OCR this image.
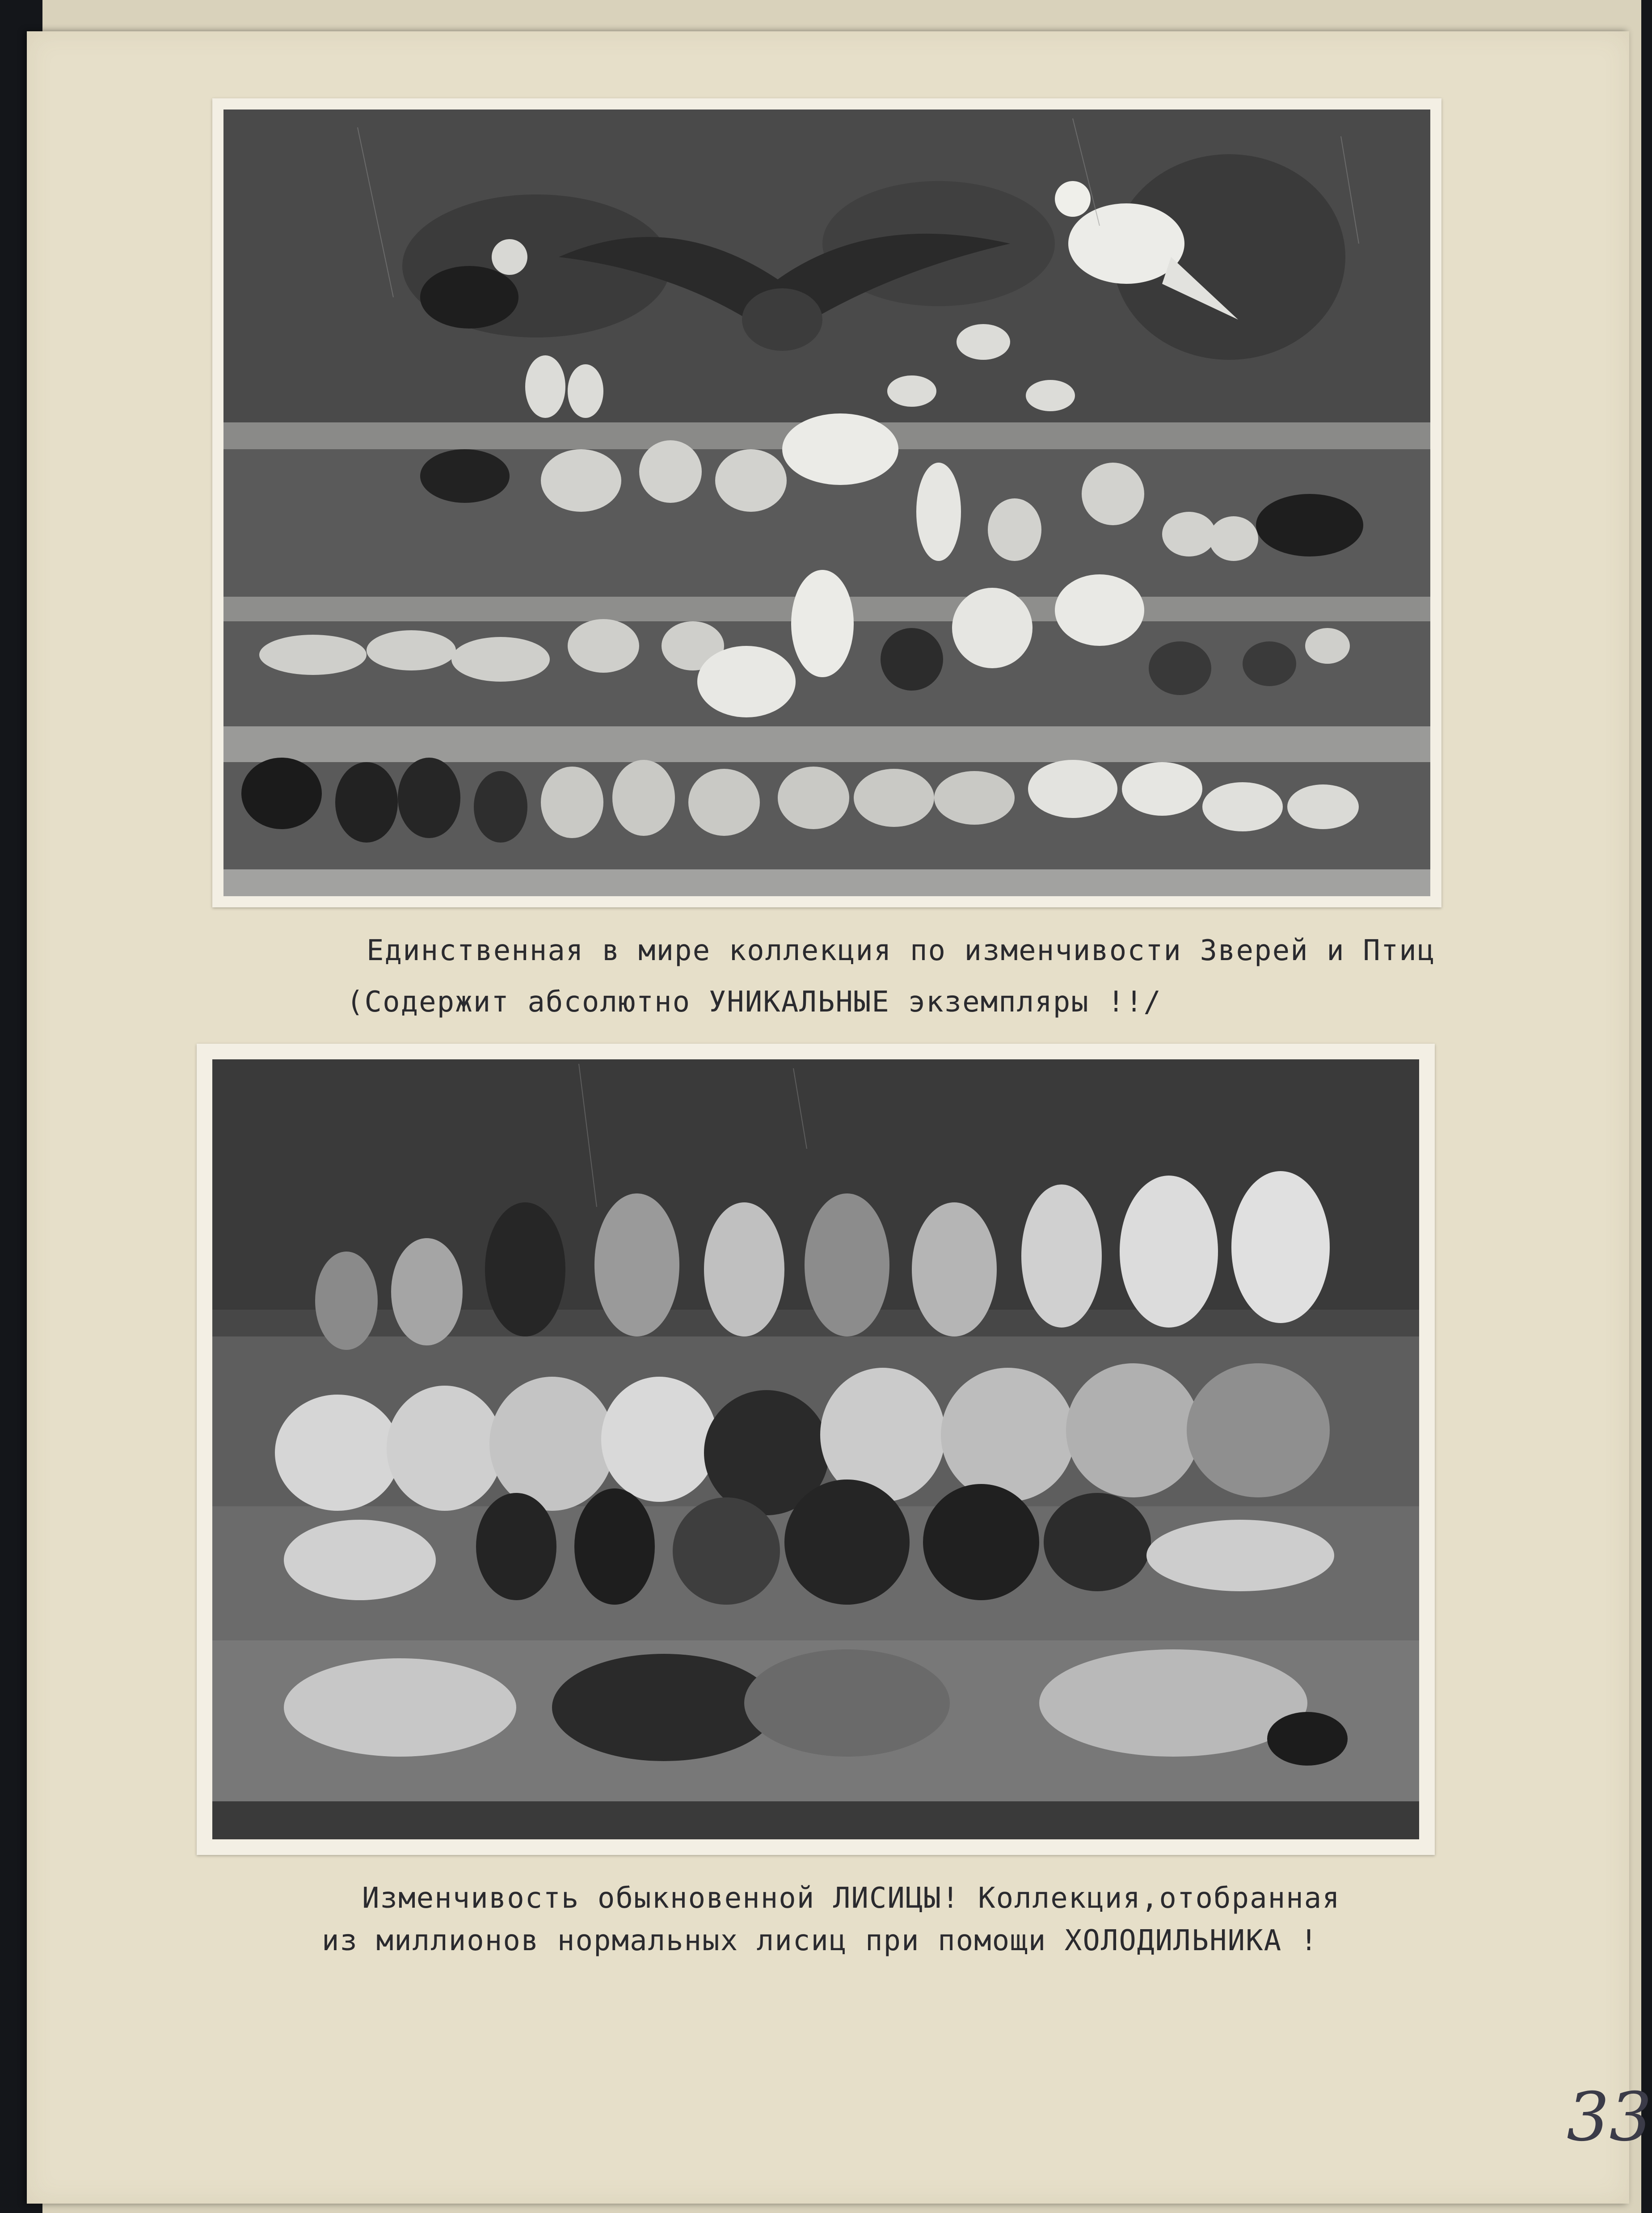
Единственная в мире коллекция по изменчивости Зверей и Птиц
(Содержит абсолютно УНИКАЛЬНЫЕ экземпляры !!/
Изменчивость обыкновенной ЛИСИЦЫ! Коллекция,отобранная
из миллионов нормальных лисиц при помощи ХОЛОДИЛЬНИКА !
33
